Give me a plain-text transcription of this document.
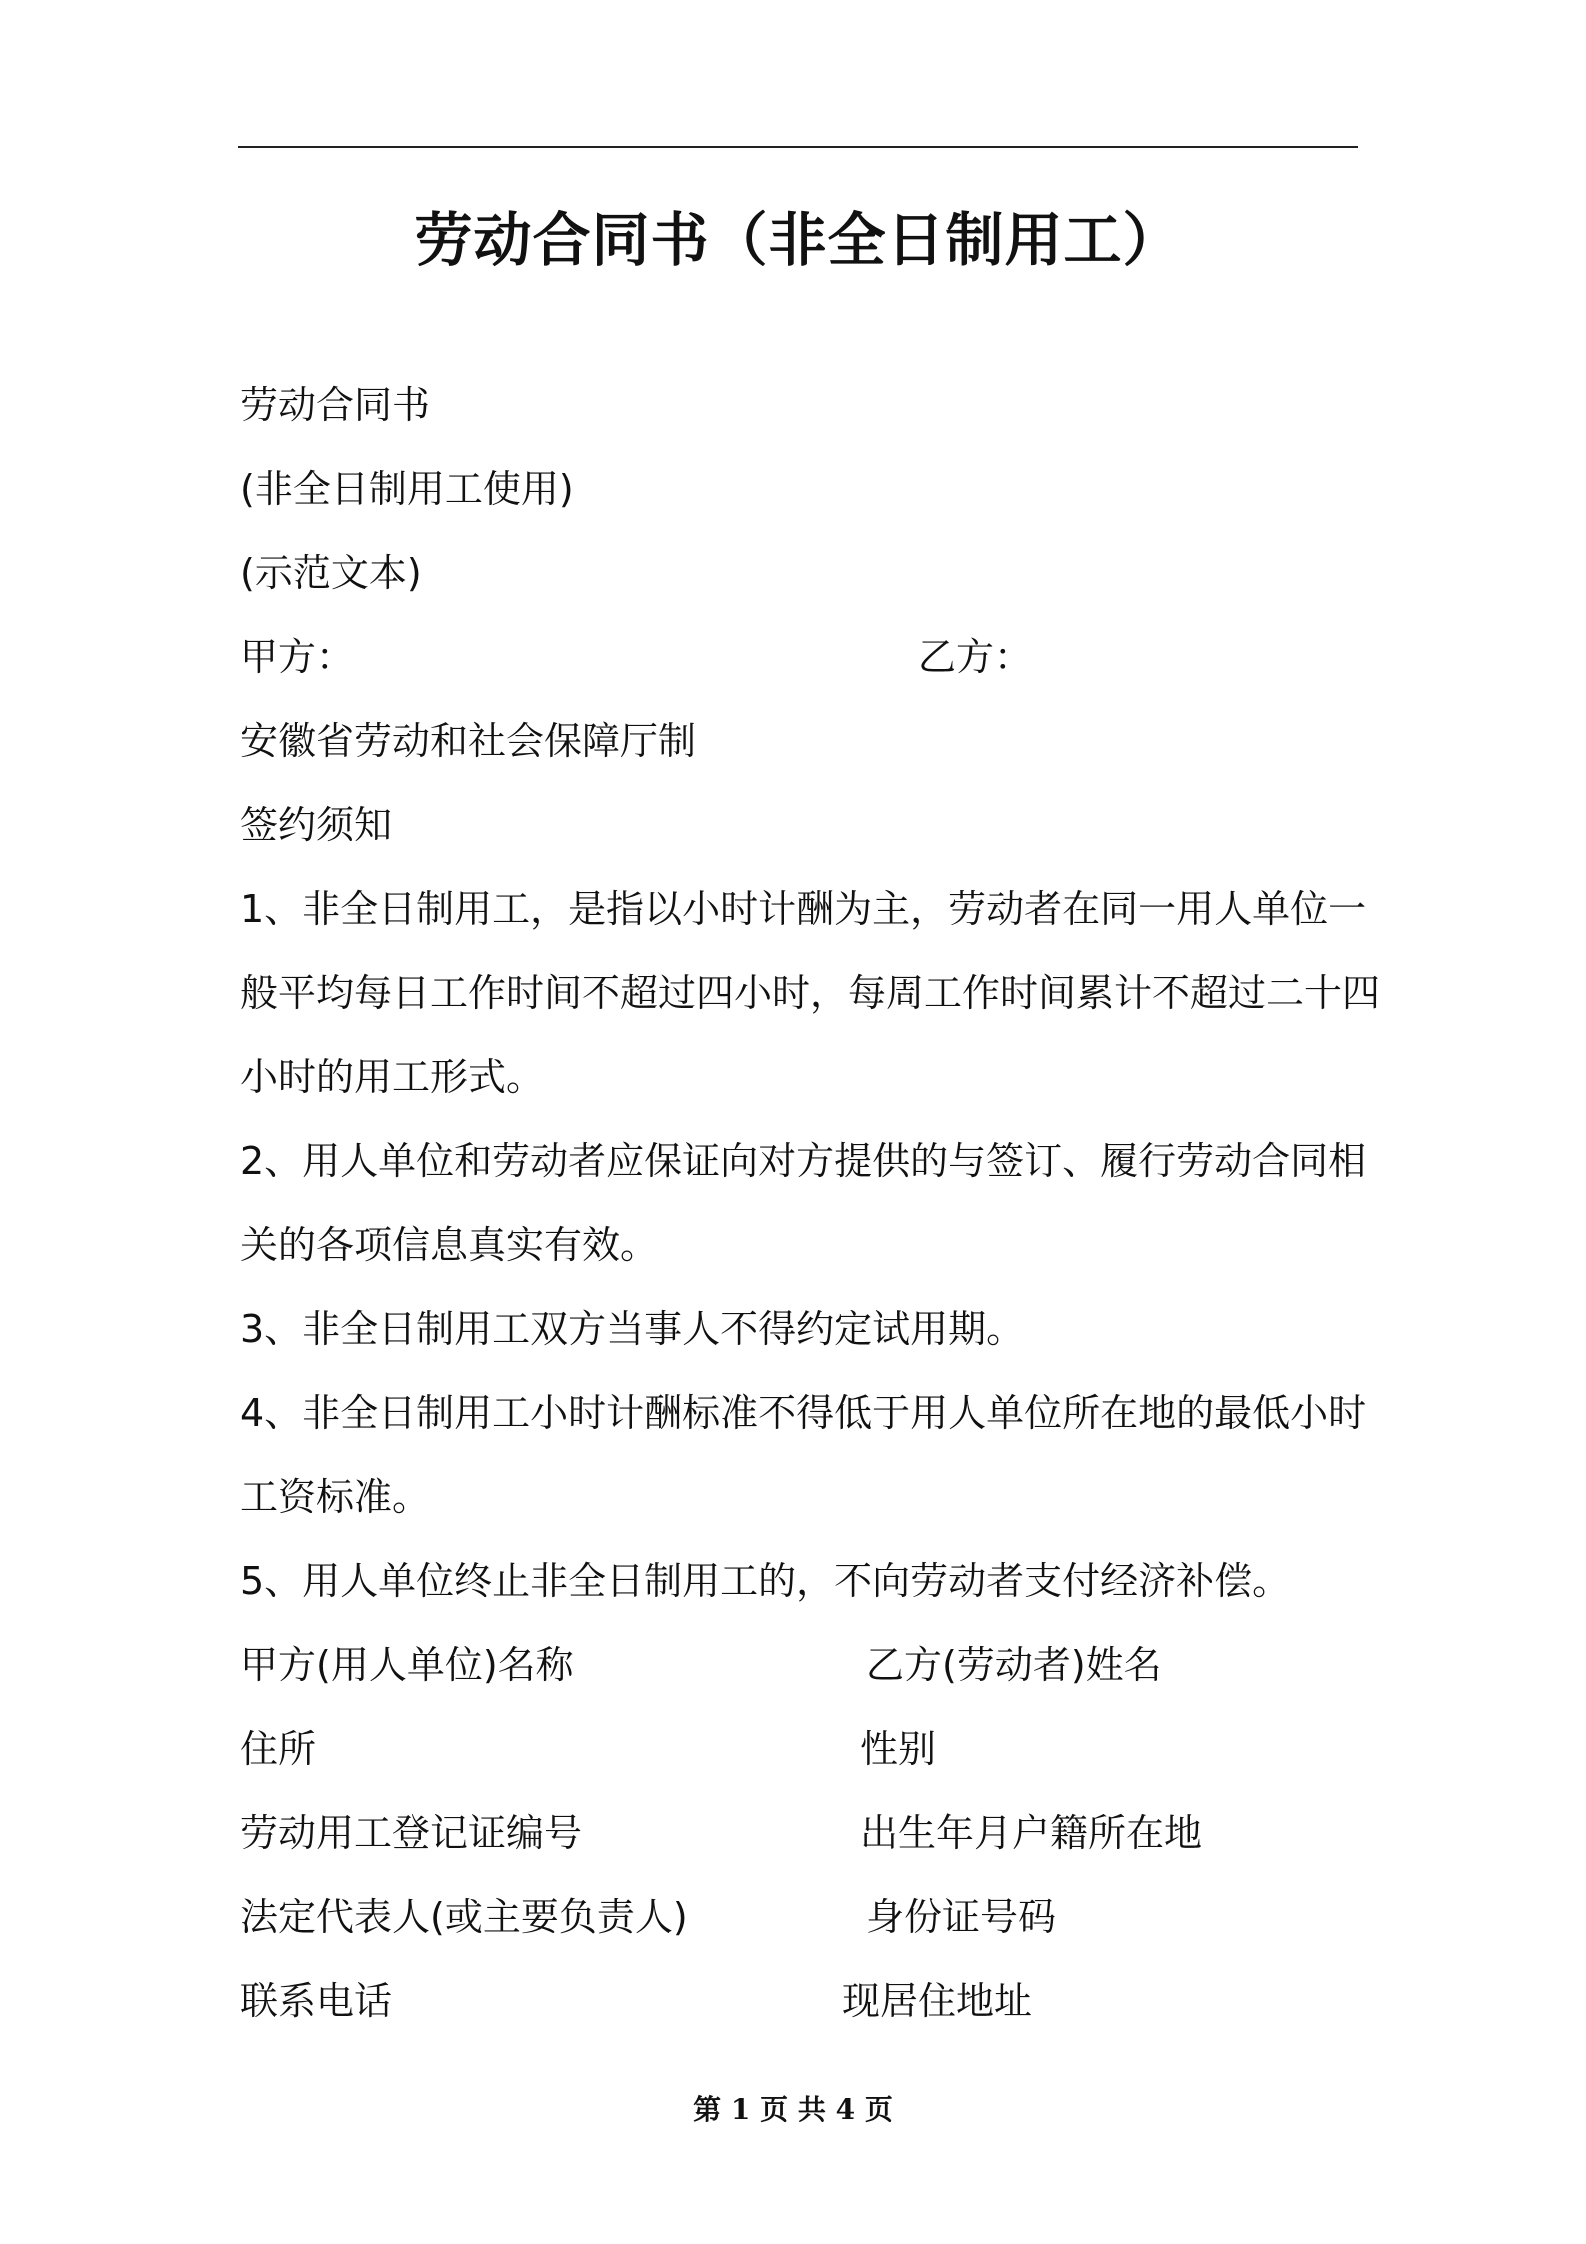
劳动合同书（非全日制用工）
劳动合同书
(非全日制用工使用)
(示范文本)
甲方：	乙方：
安徽省劳动和社会保障厅制
签约须知
1、非全日制用工，是指以小时计酬为主，劳动者在同一用人单位一
般平均每日工作时间不超过四小时，每周工作时间累计不超过二十四
小时的用工形式。
2、用人单位和劳动者应保证向对方提供的与签订、履行劳动合同相
关的各项信息真实有效。
3、非全日制用工双方当事人不得约定试用期。
4、非全日制用工小时计酬标准不得低于用人单位所在地的最低小时
工资标准。
5、用人单位终止非全日制用工的，不向劳动者支付经济补偿。
甲方(用人单位)名称	乙方(劳动者)姓名
住所	性别
劳动用工登记证编号	出生年月户籍所在地
法定代表人(或主要负责人)	身份证号码
联系电话	现居住地址
第 1 页 共 4 页
